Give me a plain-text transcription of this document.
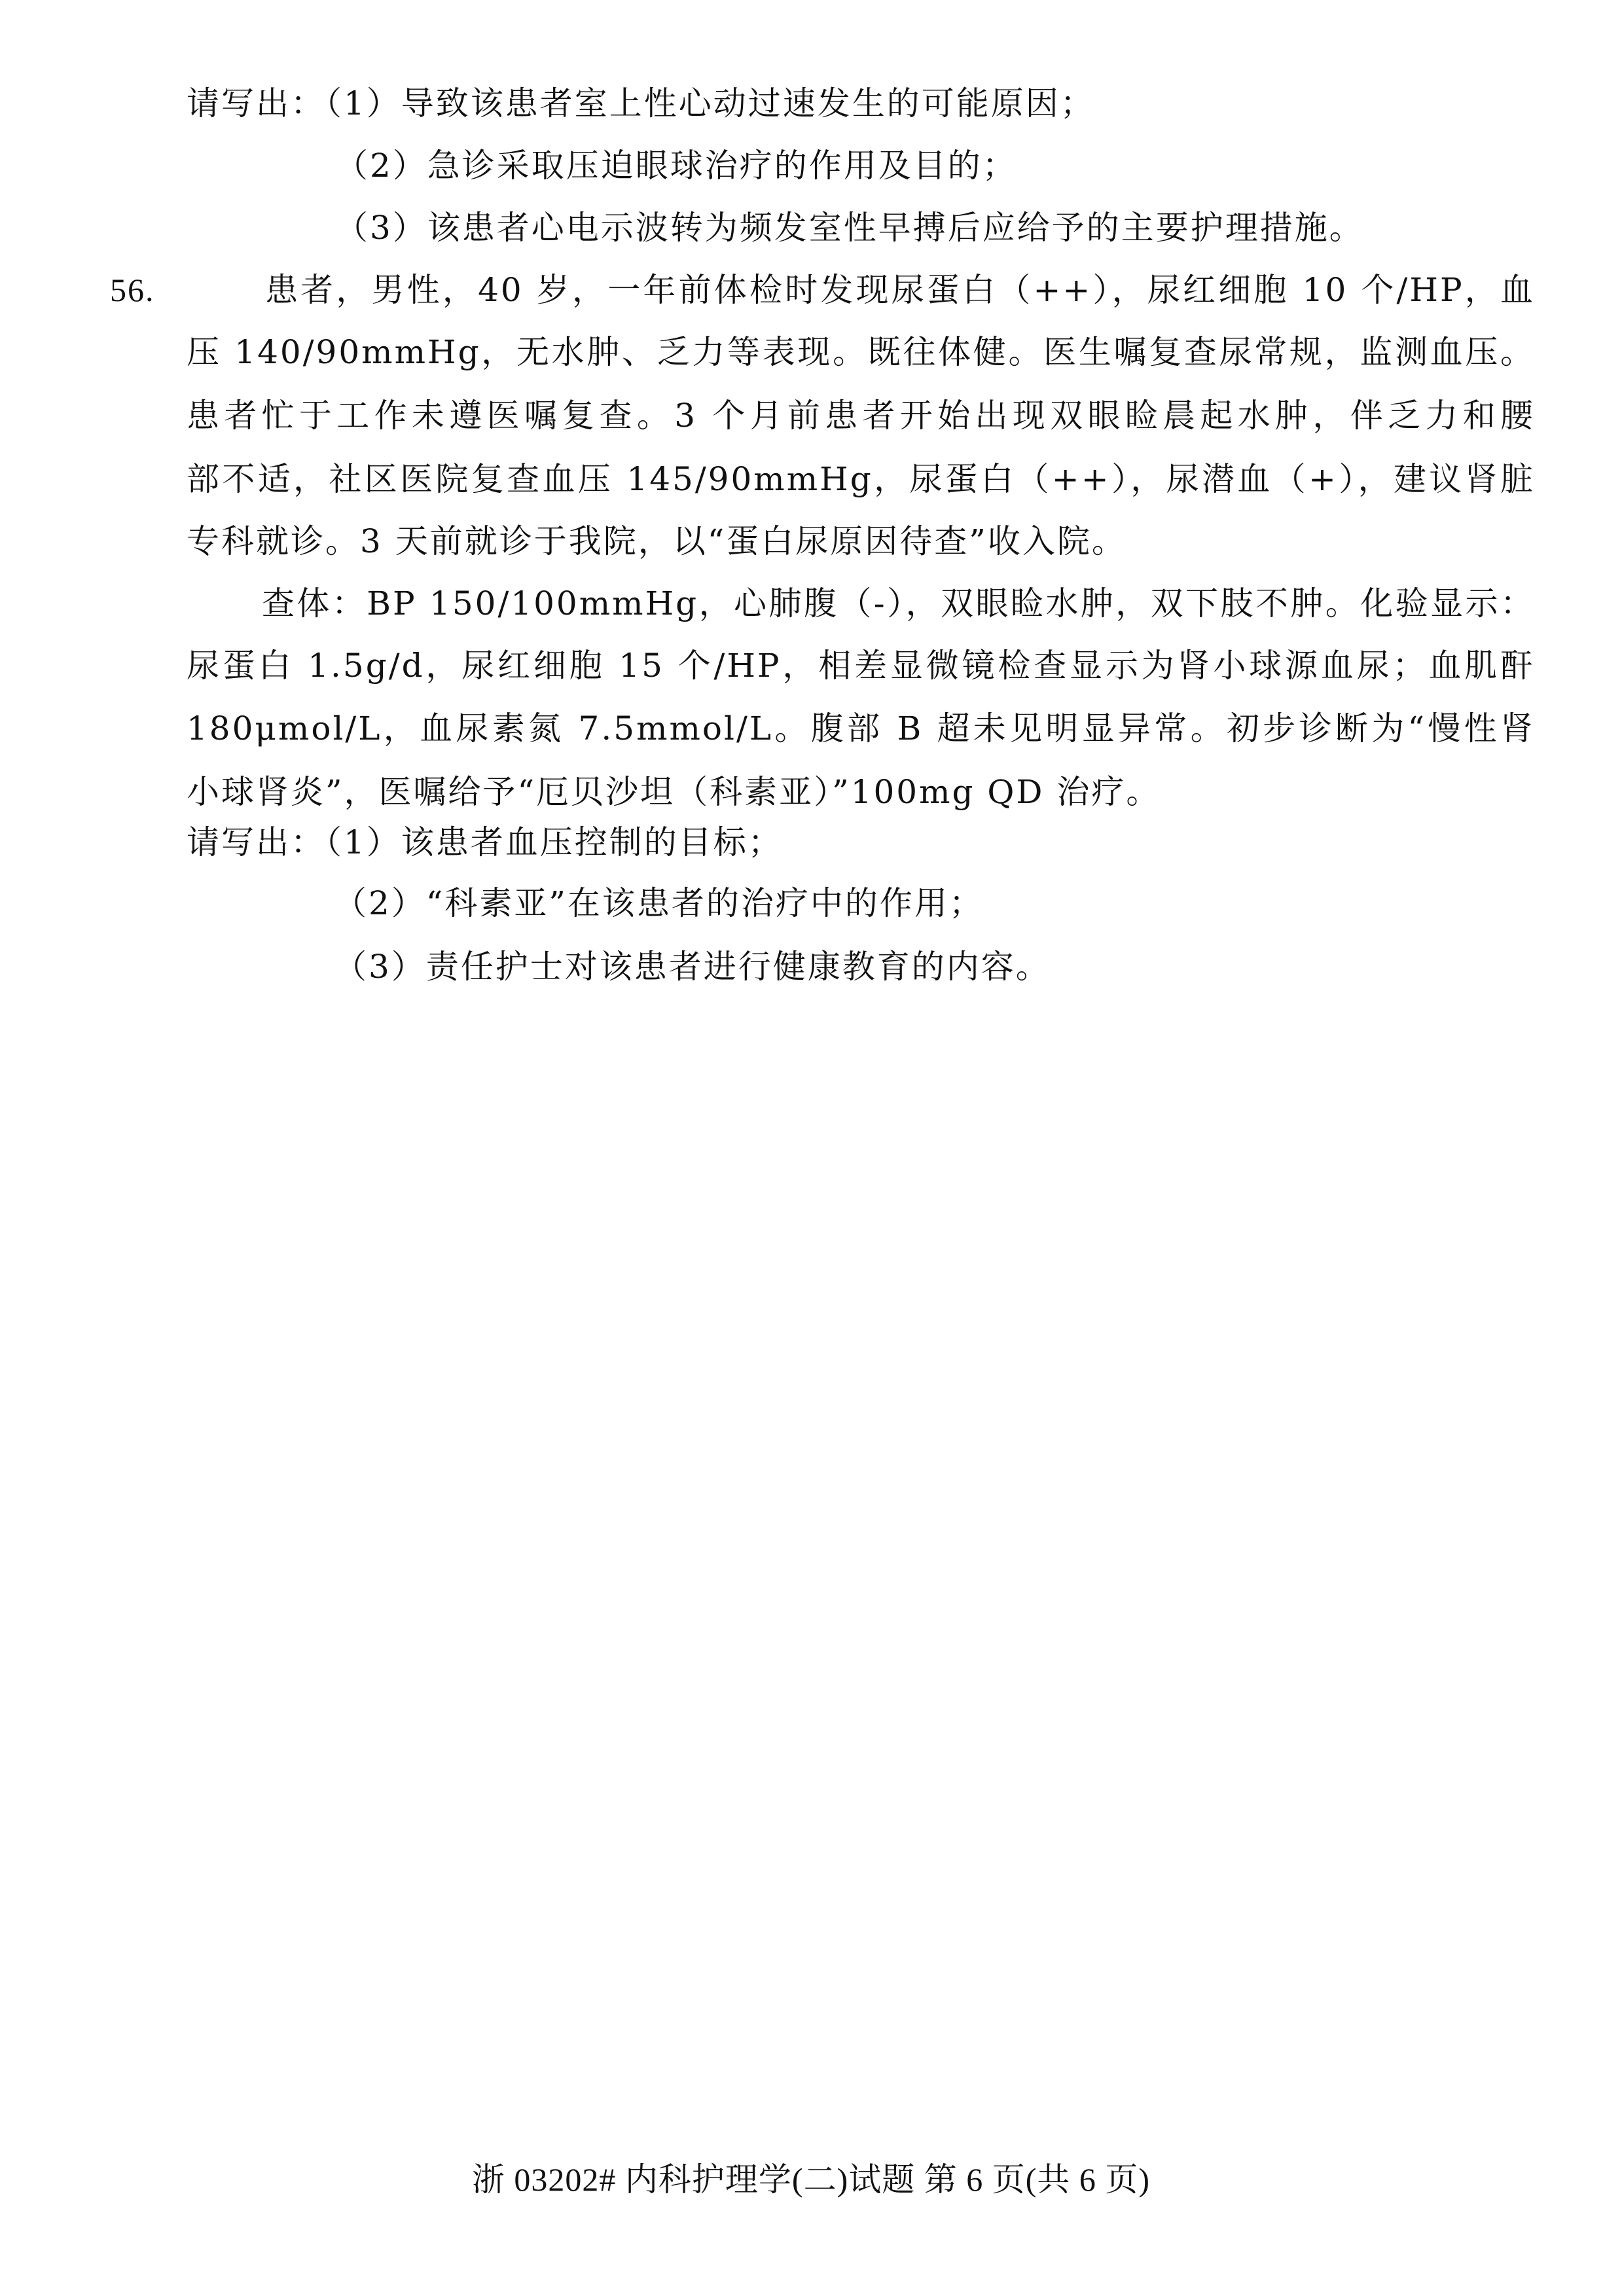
请写出：（1）导致该患者室上性心动过速发生的可能原因；
（2）急诊采取压迫眼球治疗的作用及目的；
（3）该患者心电示波转为频发室性早搏后应给予的主要护理措施。
56.	患者，男性，40 岁，一年前体检时发现尿蛋白（++），尿红细胞 10 个/HP，血
压 140/90mmHg，无水肿、乏力等表现。既往体健。医生嘱复查尿常规，监测血压。
患者忙于工作未遵医嘱复查。3 个月前患者开始出现双眼睑晨起水肿，伴乏力和腰
部不适，社区医院复查血压 145/90mmHg，尿蛋白（++），尿潜血（+），建议肾脏
专科就诊。3 天前就诊于我院，以“蛋白尿原因待查”收入院。
查体：BP 150/100mmHg，心肺腹（-），双眼睑水肿，双下肢不肿。化验显示：
尿蛋白 1.5g/d，尿红细胞 15 个/HP，相差显微镜检查显示为肾小球源血尿；血肌酐
180μmol/L，血尿素氮 7.5mmol/L。腹部 B 超未见明显异常。初步诊断为“慢性肾
小球肾炎”，医嘱给予“厄贝沙坦（科素亚）”100mg QD 治疗。
请写出：（1）该患者血压控制的目标；
（2）“科素亚”在该患者的治疗中的作用；
（3）责任护士对该患者进行健康教育的内容。
浙 03202# 内科护理学(二)试题 第 6 页(共 6 页)
